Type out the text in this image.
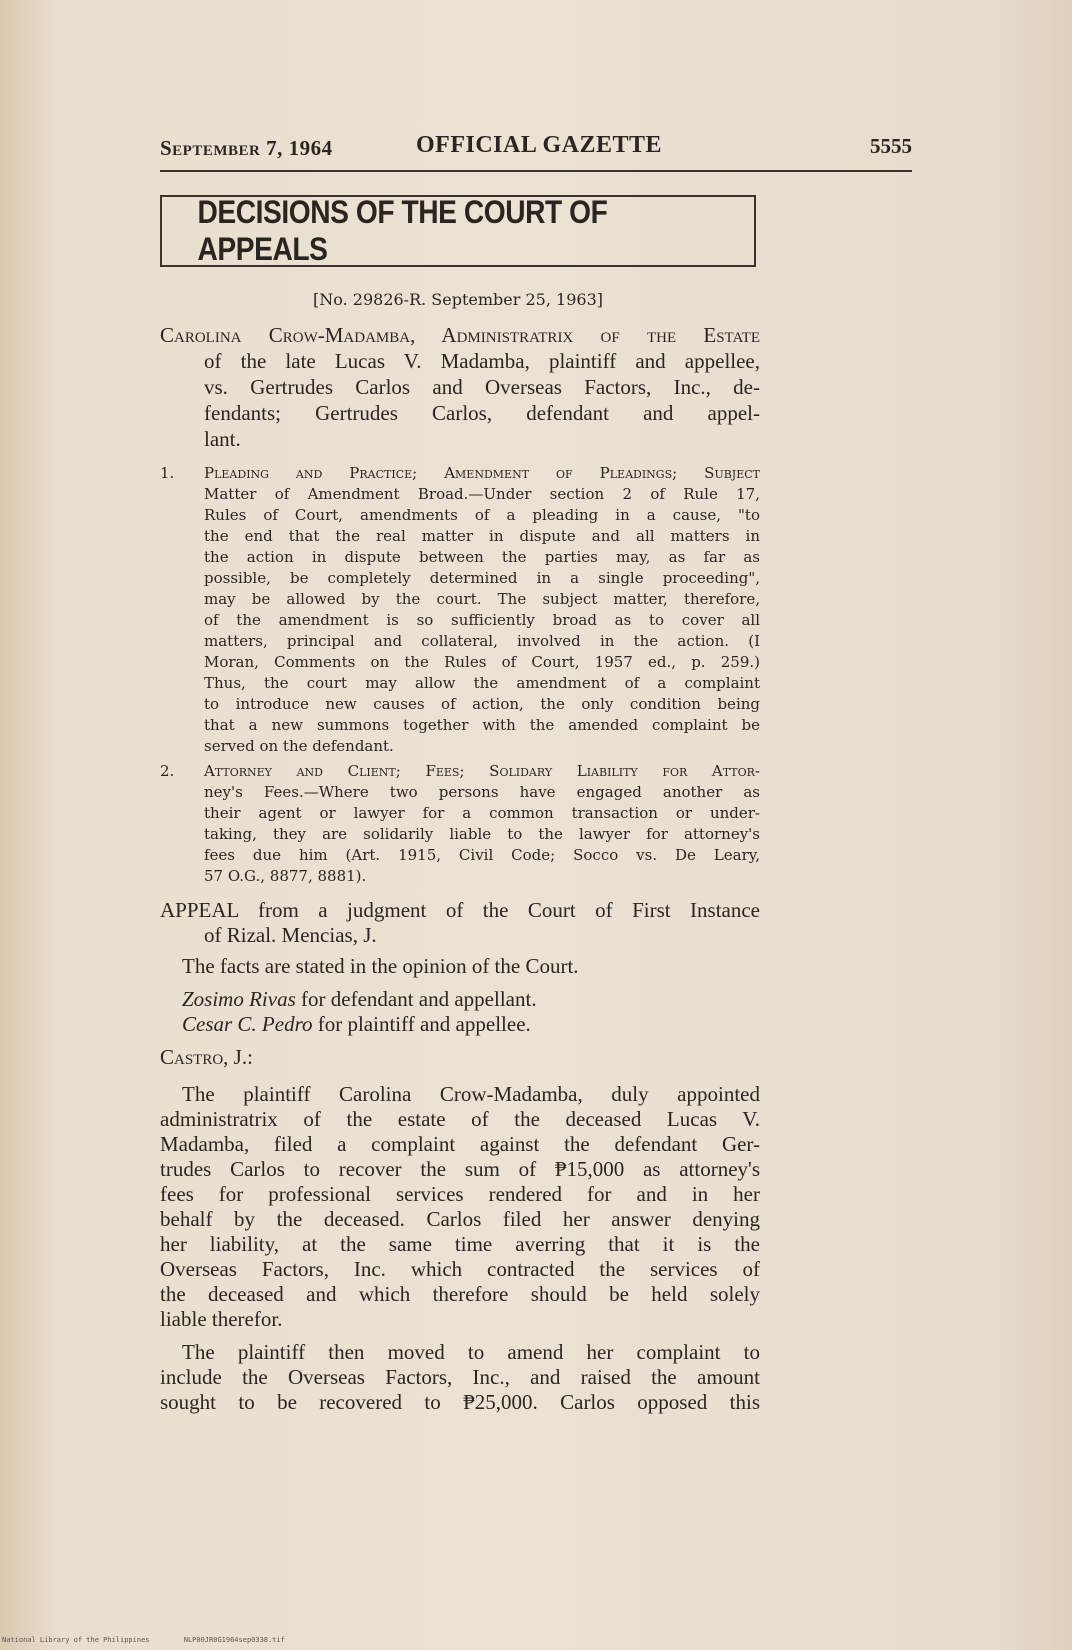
September 7, 1964	OFFICIAL GAZETTE	5555
DECISIONS OF THE COURT OF APPEALS
[No. 29826-R. September 25, 1963]
Carolina Crow-Madamba, Administratrix of the Estate
of the late Lucas V. Madamba, plaintiff and appellee,
vs. Gertrudes Carlos and Overseas Factors, Inc., de-
fendants; Gertrudes Carlos, defendant and appel-
lant.
1. Pleading and Practice; Amendment of Pleadings; Subject
Matter of Amendment Broad.—Under section 2 of Rule 17,
Rules of Court, amendments of a pleading in a cause, "to
the end that the real matter in dispute and all matters in
the action in dispute between the parties may, as far as
possible, be completely determined in a single proceeding",
may be allowed by the court. The subject matter, therefore,
of the amendment is so sufficiently broad as to cover all
matters, principal and collateral, involved in the action. (I
Moran, Comments on the Rules of Court, 1957 ed., p. 259.)
Thus, the court may allow the amendment of a complaint
to introduce new causes of action, the only condition being
that a new summons together with the amended complaint be
served on the defendant.
2. Attorney and Client; Fees; Solidary Liability for Attor-
ney's Fees.—Where two persons have engaged another as
their agent or lawyer for a common transaction or under-
taking, they are solidarily liable to the lawyer for attorney's
fees due him (Art. 1915, Civil Code; Socco vs. De Leary,
57 O.G., 8877, 8881).
APPEAL from a judgment of the Court of First Instance
of Rizal. Mencias, J.

The facts are stated in the opinion of the Court.

Zosimo Rivas for defendant and appellant.
Cesar C. Pedro for plaintiff and appellee.

Castro, J.:

The plaintiff Carolina Crow-Madamba, duly appointed
administratrix of the estate of the deceased Lucas V.
Madamba, filed a complaint against the defendant Ger-
trudes Carlos to recover the sum of ₱15,000 as attorney's
fees for professional services rendered for and in her
behalf by the deceased. Carlos filed her answer denying
her liability, at the same time averring that it is the
Overseas Factors, Inc. which contracted the services of
the deceased and which therefore should be held solely
liable therefor.
The plaintiff then moved to amend her complaint to
include the Overseas Factors, Inc., and raised the amount
sought to be recovered to ₱25,000. Carlos opposed this
National Library of the Philippines	NLP00JR0G1964sep0338.tif
